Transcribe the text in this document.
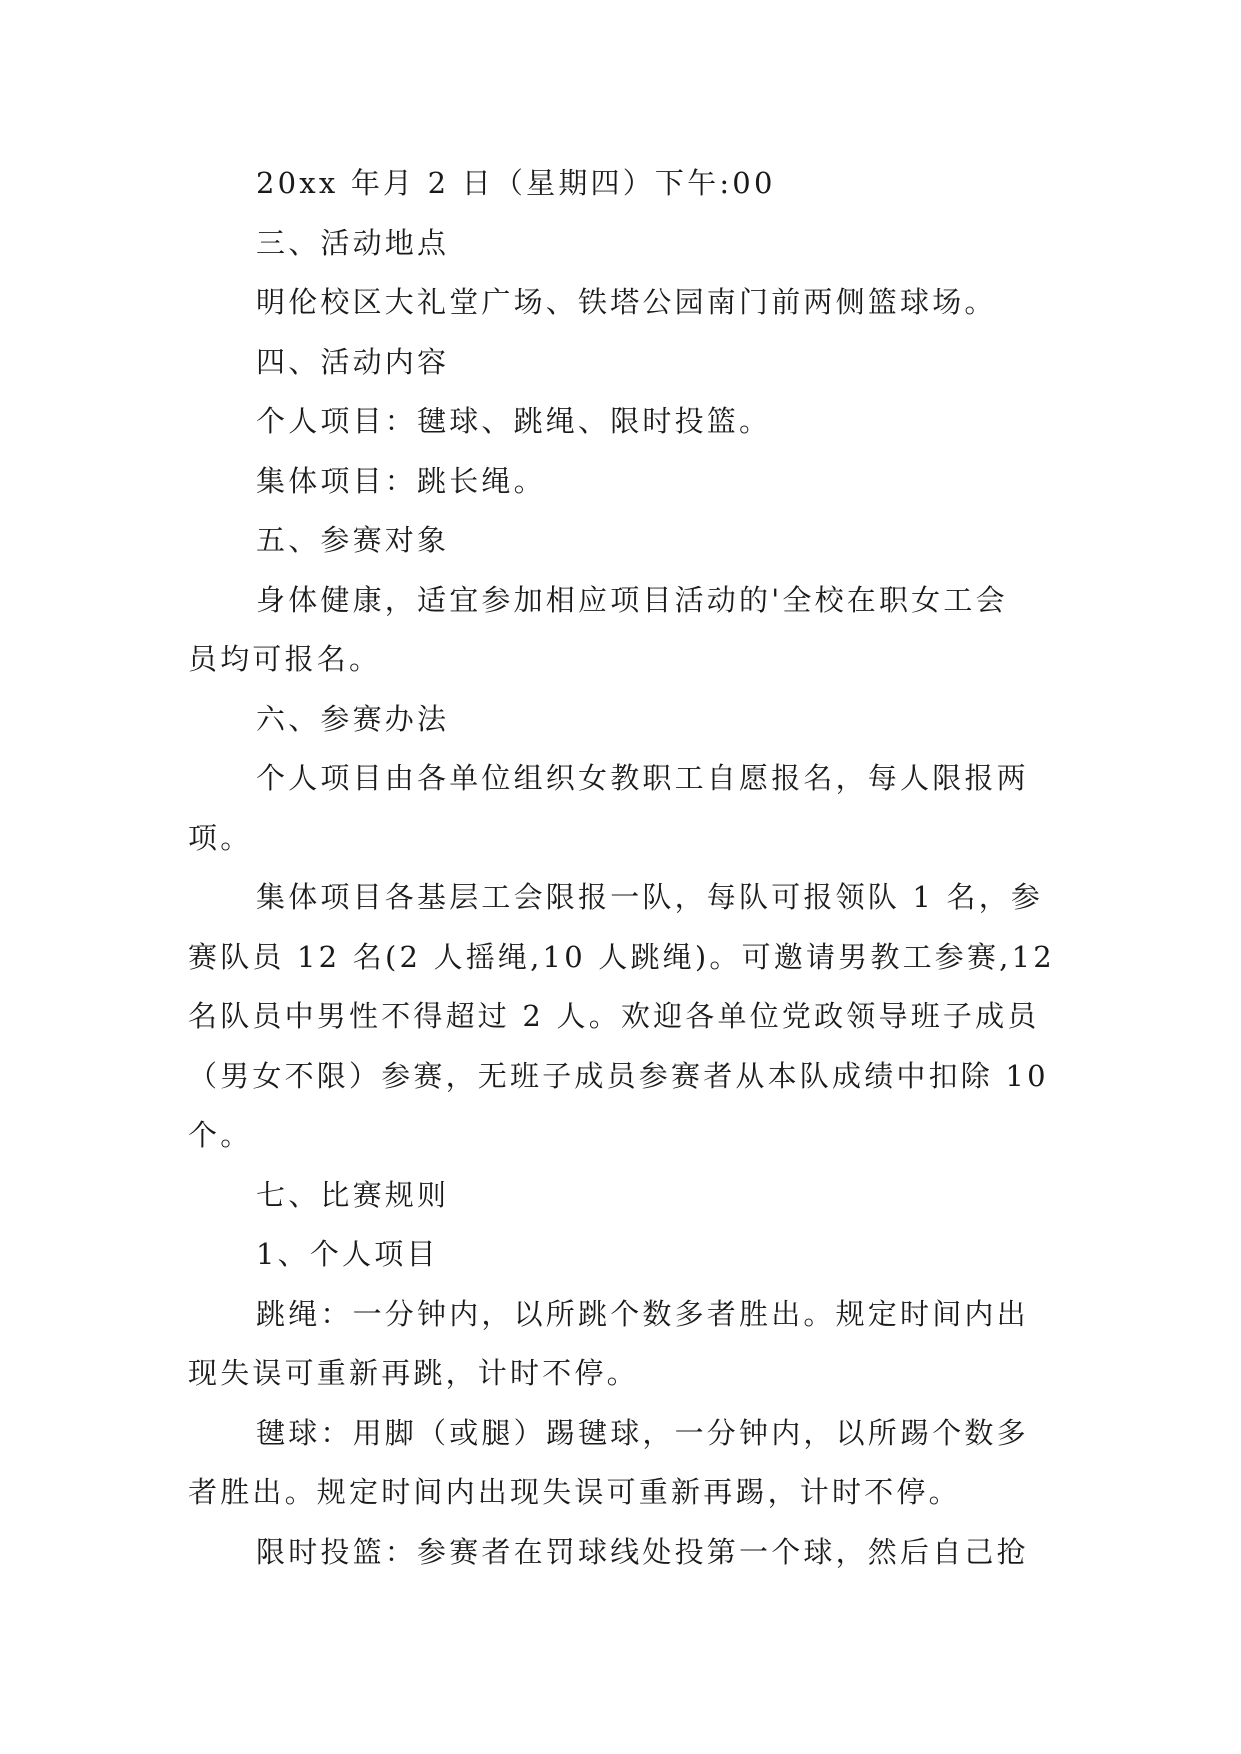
20xx 年月 2 日（星期四）下午:00

三、活动地点

明伦校区大礼堂广场、铁塔公园南门前两侧篮球场。

四、活动内容

个人项目：毽球、跳绳、限时投篮。

集体项目：跳长绳。

五、参赛对象

身体健康，适宜参加相应项目活动的'全校在职女工会

员均可报名。

六、参赛办法

个人项目由各单位组织女教职工自愿报名，每人限报两

项。

集体项目各基层工会限报一队，每队可报领队 1 名，参

赛队员 12 名(2 人摇绳,10 人跳绳)。可邀请男教工参赛,12

名队员中男性不得超过 2 人。欢迎各单位党政领导班子成员

（男女不限）参赛，无班子成员参赛者从本队成绩中扣除 10

个。

七、比赛规则

1、个人项目

跳绳：一分钟内，以所跳个数多者胜出。规定时间内出

现失误可重新再跳，计时不停。

毽球：用脚（或腿）踢毽球，一分钟内，以所踢个数多

者胜出。规定时间内出现失误可重新再踢，计时不停。

限时投篮：参赛者在罚球线处投第一个球，然后自己抢
